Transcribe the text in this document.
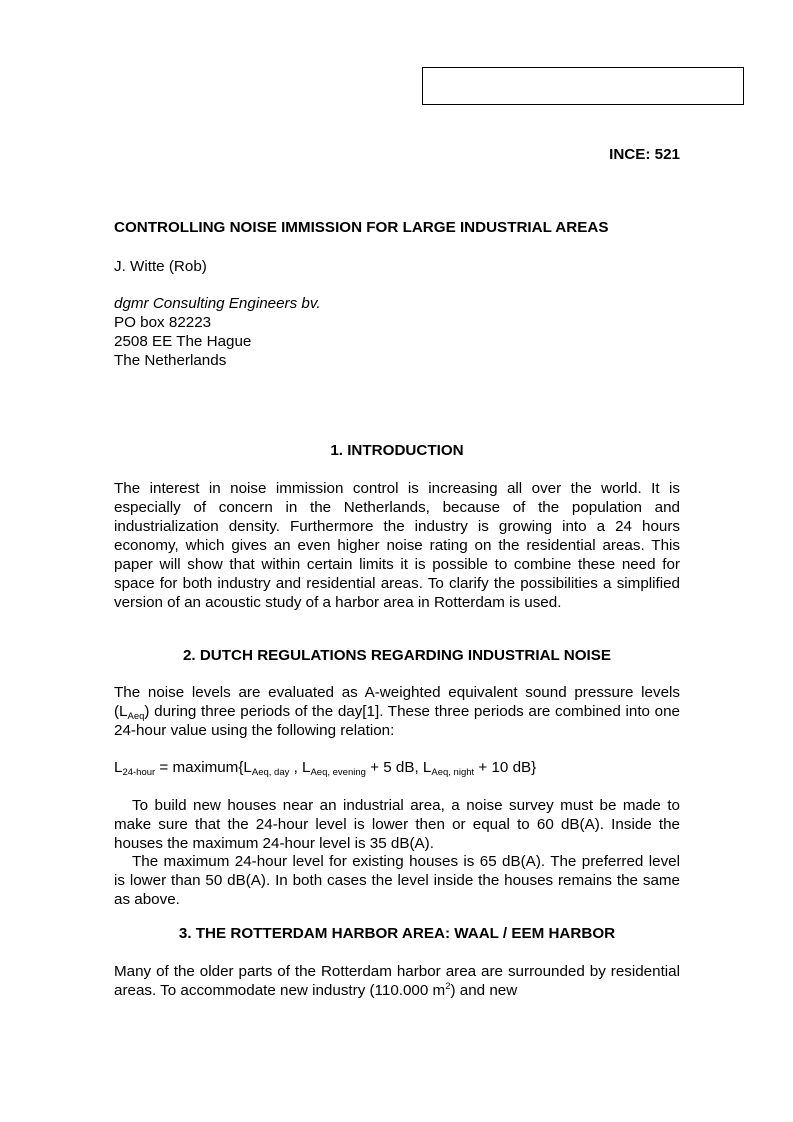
INCE: 521
CONTROLLING NOISE IMMISSION FOR LARGE INDUSTRIAL AREAS
J. Witte (Rob)
dgmr Consulting Engineers bv.
PO box 82223
2508 EE The Hague
The Netherlands
1. INTRODUCTION

The interest in noise immission control is increasing all over the world. It is especially of concern in the Netherlands, because of the population and industrialization density. Furthermore the industry is growing into a 24 hours economy, which gives an even higher noise rating on the residential areas. This paper will show that within certain limits it is possible to combine these need for space for both industry and residential areas. To clarify the possibilities a simplified version of an acoustic study of a harbor area in Rotterdam is used.

2. DUTCH REGULATIONS REGARDING INDUSTRIAL NOISE

The noise levels are evaluated as A-weighted equivalent sound pressure levels $(L_{Aeq})$ during three periods of the day[1]. These three periods are combined into one 24-hour value using the following relation:

$L_{24-hour}$ = $maximum\{L_{Aeq, day}$ , $L_{Aeq, evening} + 5$ dB, $L_{Aeq, night} + 10$ dB}

To build new houses near an industrial area, a noise survey must be made to make sure that the 24-hour level is lower then or equal to 60 dB(A). Inside the houses the maximum 24-hour level is 35 dB(A).

The maximum 24-hour level for existing houses is 65 dB(A). The preferred level is lower than 50 dB(A). In both cases the level inside the houses remains the same as above.

3. THE ROTTERDAM HARBOR AREA: WAAL / EEM HARBOR

Many of the older parts of the Rotterdam harbor area are surrounded by residential areas. To accommodate new industry (110.000 $m^2$) and new
